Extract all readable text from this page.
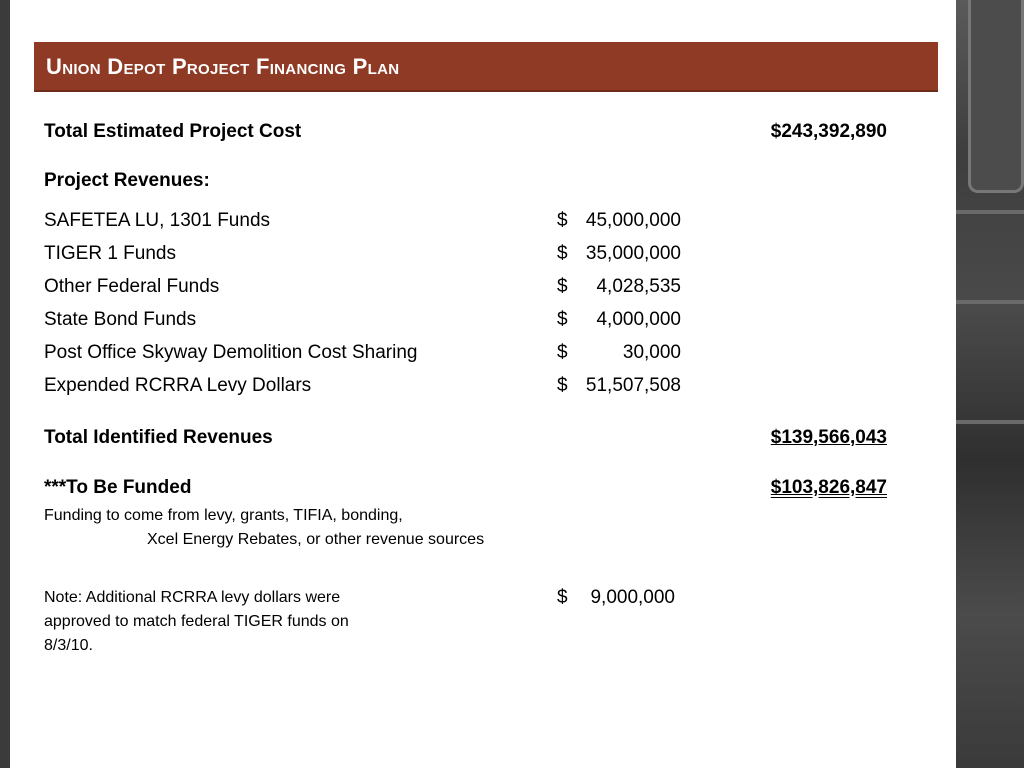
Union Depot Project Financing Plan
Total Estimated Project Cost	$243,392,890
Project Revenues:
SAFETEA LU, 1301 Funds	$ 45,000,000
TIGER 1 Funds	$ 35,000,000
Other Federal Funds	$ 4,028,535
State Bond Funds	$ 4,000,000
Post Office Skyway Demolition Cost Sharing	$	30,000
Expended RCRRA Levy Dollars	$ 51,507,508
Total Identified Revenues	$139,566,043
***To Be Funded	$103,826,847
Funding to come from levy, grants, TIFIA, bonding,
Xcel Energy Rebates, or other revenue sources
Note: Additional RCRRA levy dollars were
approved to match federal TIGER funds on
8/3/10.
$ 9,000,000
